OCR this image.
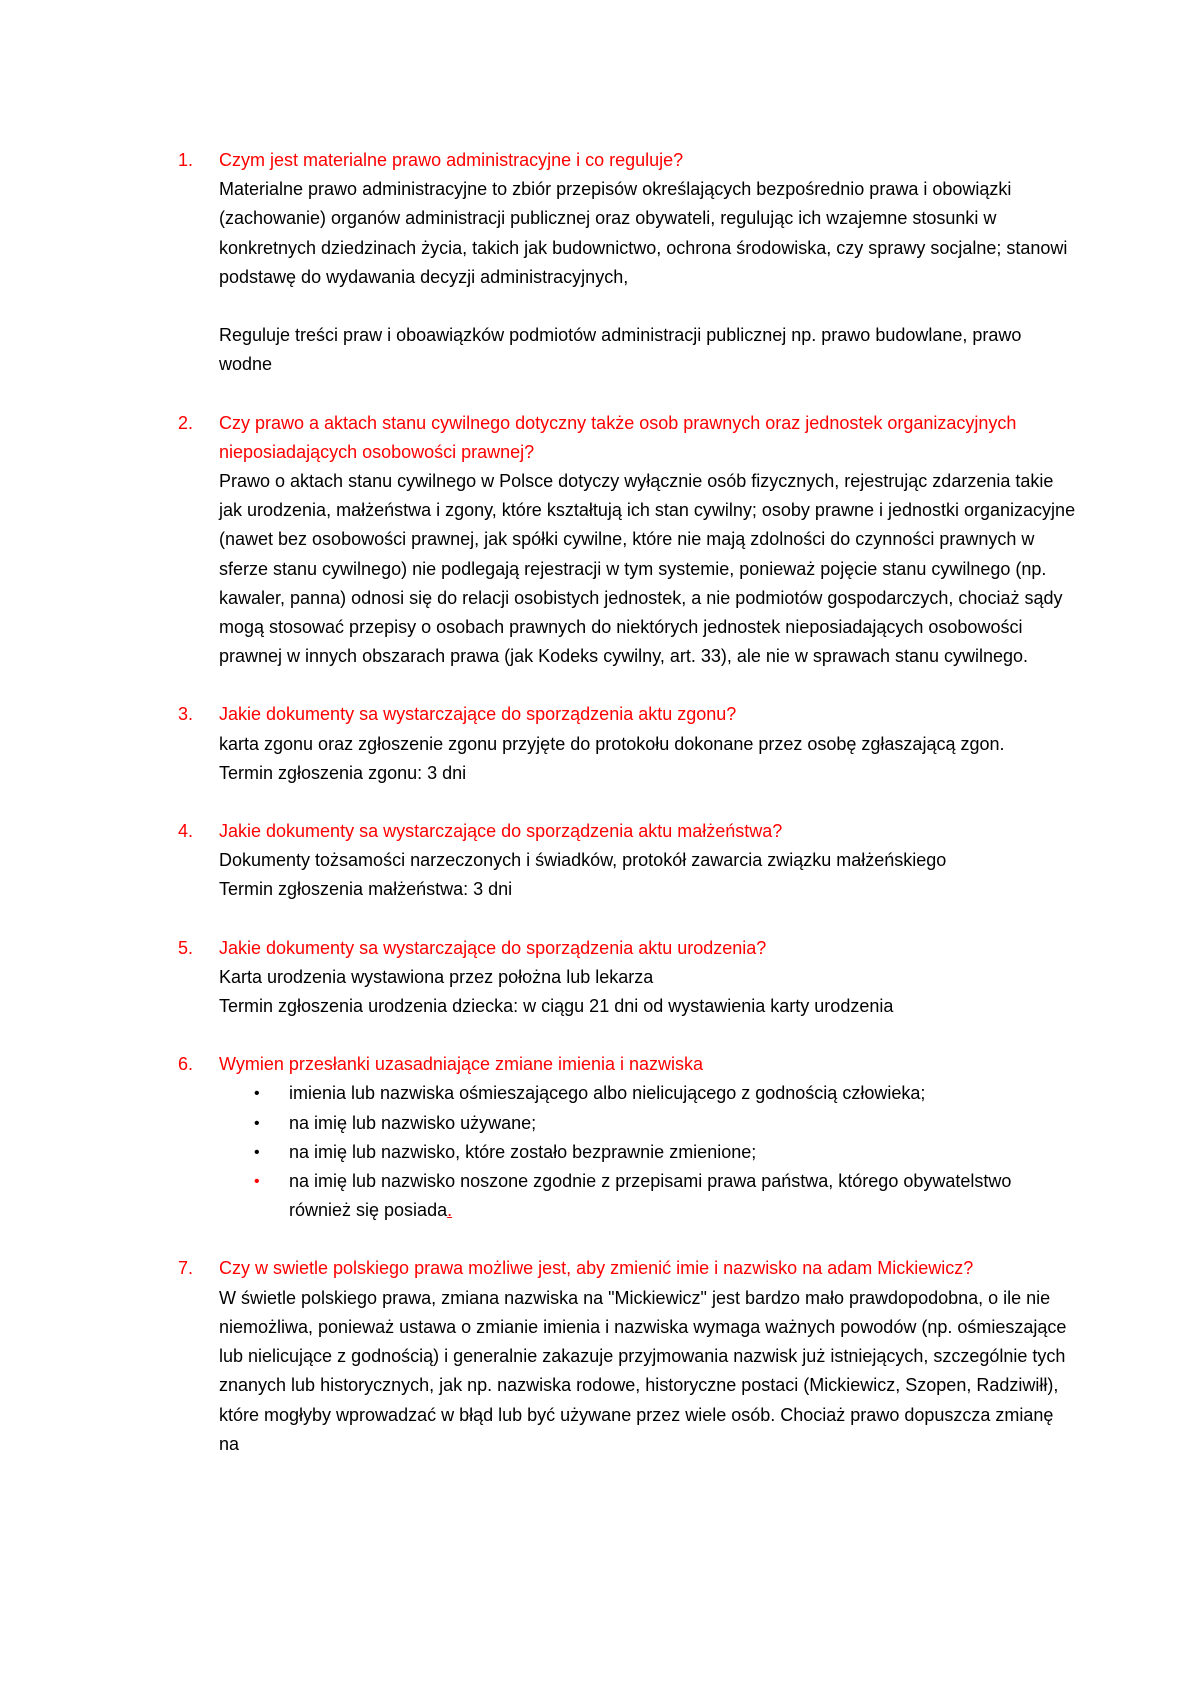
1. Czym jest materialne prawo administracyjne i co reguluje?
Materialne prawo administracyjne to zbiór przepisów określających bezpośrednio prawa i obowiązki (zachowanie) organów administracji publicznej oraz obywateli, regulując ich wzajemne stosunki w konkretnych dziedzinach życia, takich jak budownictwo, ochrona środowiska, czy sprawy socjalne; stanowi podstawę do wydawania decyzji administracyjnych,
Reguluje treści praw i oboawiązków podmiotów administracji publicznej np. prawo budowlane, prawo wodne
2. Czy prawo a aktach stanu cywilnego dotyczny także osob prawnych oraz jednostek organizacyjnych nieposiadających osobowości prawnej?
Prawo o aktach stanu cywilnego w Polsce dotyczy wyłącznie osób fizycznych, rejestrując zdarzenia takie jak urodzenia, małżeństwa i zgony, które kształtują ich stan cywilny; osoby prawne i jednostki organizacyjne (nawet bez osobowości prawnej, jak spółki cywilne, które nie mają zdolności do czynności prawnych w sferze stanu cywilnego) nie podlegają rejestracji w tym systemie, ponieważ pojęcie stanu cywilnego (np. kawaler, panna) odnosi się do relacji osobistych jednostek, a nie podmiotów gospodarczych, chociaż sądy mogą stosować przepisy o osobach prawnych do niektórych jednostek nieposiadających osobowości prawnej w innych obszarach prawa (jak Kodeks cywilny, art. 33), ale nie w sprawach stanu cywilnego.
3. Jakie dokumenty sa wystarczające do sporządzenia aktu zgonu?
karta zgonu oraz zgłoszenie zgonu przyjęte do protokołu dokonane przez osobę zgłaszającą zgon.
Termin zgłoszenia zgonu: 3 dni
4. Jakie dokumenty sa wystarczające do sporządzenia aktu małżeństwa?
Dokumenty tożsamości narzeczonych i świadków, protokół zawarcia związku małżeńskiego
Termin zgłoszenia małżeństwa: 3 dni
5. Jakie dokumenty sa wystarczające do sporządzenia aktu urodzenia?
Karta urodzenia wystawiona przez położna lub lekarza
Termin zgłoszenia urodzenia dziecka: w ciągu 21 dni od wystawienia karty urodzenia
6. Wymien przesłanki uzasadniające zmiane imienia i nazwiska
• imienia lub nazwiska ośmieszającego albo nielicującego z godnością człowieka;
• na imię lub nazwisko używane;
• na imię lub nazwisko, które zostało bezprawnie zmienione;
• na imię lub nazwisko noszone zgodnie z przepisami prawa państwa, którego obywatelstwo również się posiada.
7. Czy w swietle polskiego prawa możliwe jest, aby zmienić imie i nazwisko na adam Mickiewicz?
W świetle polskiego prawa, zmiana nazwiska na "Mickiewicz" jest bardzo mało prawdopodobna, o ile nie niemożliwa, ponieważ ustawa o zmianie imienia i nazwiska wymaga ważnych powodów (np. ośmieszające lub nielicujące z godnością) i generalnie zakazuje przyjmowania nazwisk już istniejących, szczególnie tych znanych lub historycznych, jak np. nazwiska rodowe, historyczne postaci (Mickiewicz, Szopen, Radziwiłł), które mogłyby wprowadzać w błąd lub być używane przez wiele osób. Chociaż prawo dopuszcza zmianę na
